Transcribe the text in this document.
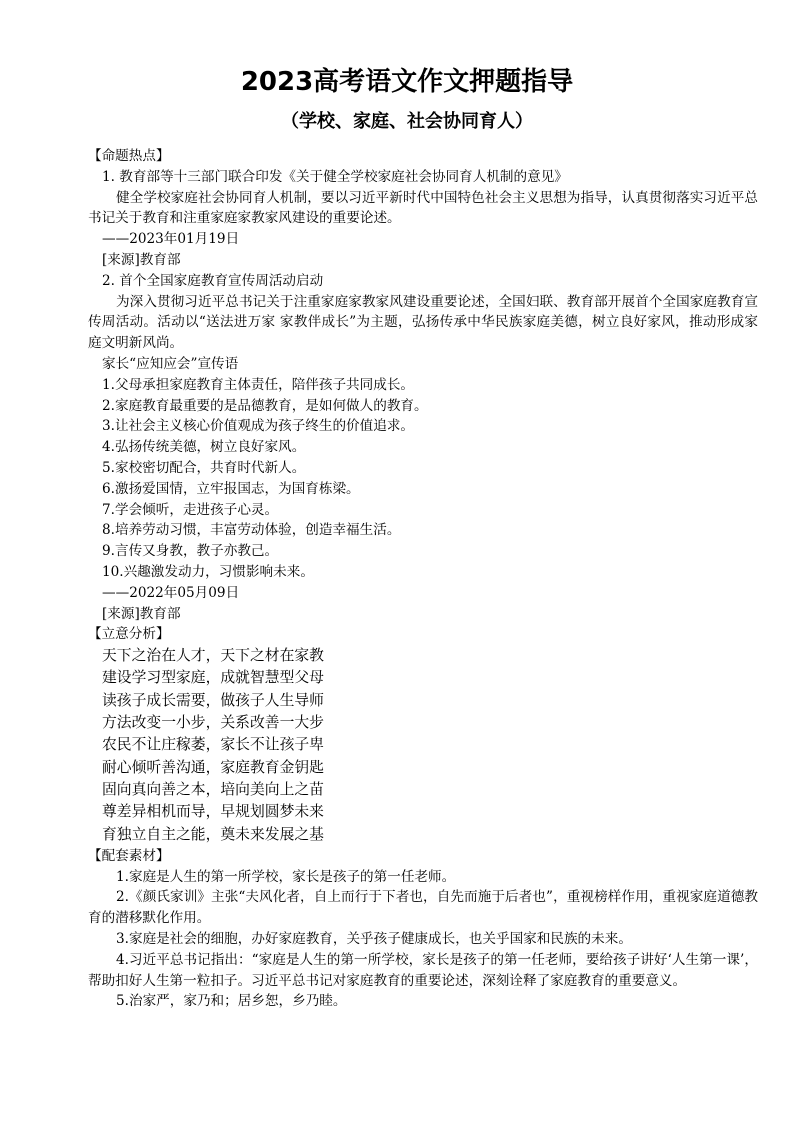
2023高考语文作文押题指导
（学校、家庭、社会协同育人）

【命题热点】

1. 教育部等十三部门联合印发《关于健全学校家庭社会协同育人机制的意见》

健全学校家庭社会协同育人机制，要以习近平新时代中国特色社会主义思想为指导，认真贯彻落实习近平总书记关于教育和注重家庭家教家风建设的重要论述。

——2023年01月19日

[来源]教育部

2. 首个全国家庭教育宣传周活动启动

为深入贯彻习近平总书记关于注重家庭家教家风建设重要论述，全国妇联、教育部开展首个全国家庭教育宣传周活动。活动以“送法进万家 家教伴成长”为主题，弘扬传承中华民族家庭美德，树立良好家风，推动形成家庭文明新风尚。

家长“应知应会”宣传语

1.父母承担家庭教育主体责任，陪伴孩子共同成长。

2.家庭教育最重要的是品德教育，是如何做人的教育。

3.让社会主义核心价值观成为孩子终生的价值追求。

4.弘扬传统美德，树立良好家风。

5.家校密切配合，共育时代新人。

6.激扬爱国情，立牢报国志，为国育栋梁。

7.学会倾听，走进孩子心灵。

8.培养劳动习惯，丰富劳动体验，创造幸福生活。

9.言传又身教，教子亦教己。

10.兴趣激发动力，习惯影响未来。

——2022年05月09日

[来源]教育部

【立意分析】

天下之治在人才，天下之材在家教

建设学习型家庭，成就智慧型父母

读孩子成长需要，做孩子人生导师

方法改变一小步，关系改善一大步

农民不让庄稼萎，家长不让孩子卑

耐心倾听善沟通，家庭教育金钥匙

固向真向善之本，培向美向上之苗

尊差异相机而导，早规划圆梦未来

育独立自主之能，奠未来发展之基

【配套素材】

1.家庭是人生的第一所学校，家长是孩子的第一任老师。

2.《颜氏家训》主张“夫风化者，自上而行于下者也，自先而施于后者也”，重视榜样作用，重视家庭道德教育的潜移默化作用。

3.家庭是社会的细胞，办好家庭教育，关乎孩子健康成长，也关乎国家和民族的未来。

4.习近平总书记指出：“家庭是人生的第一所学校，家长是孩子的第一任老师，要给孩子讲好‘人生第一课’，帮助扣好人生第一粒扣子。习近平总书记对家庭教育的重要论述，深刻诠释了家庭教育的重要意义。

5.治家严，家乃和；居乡恕，乡乃睦。
